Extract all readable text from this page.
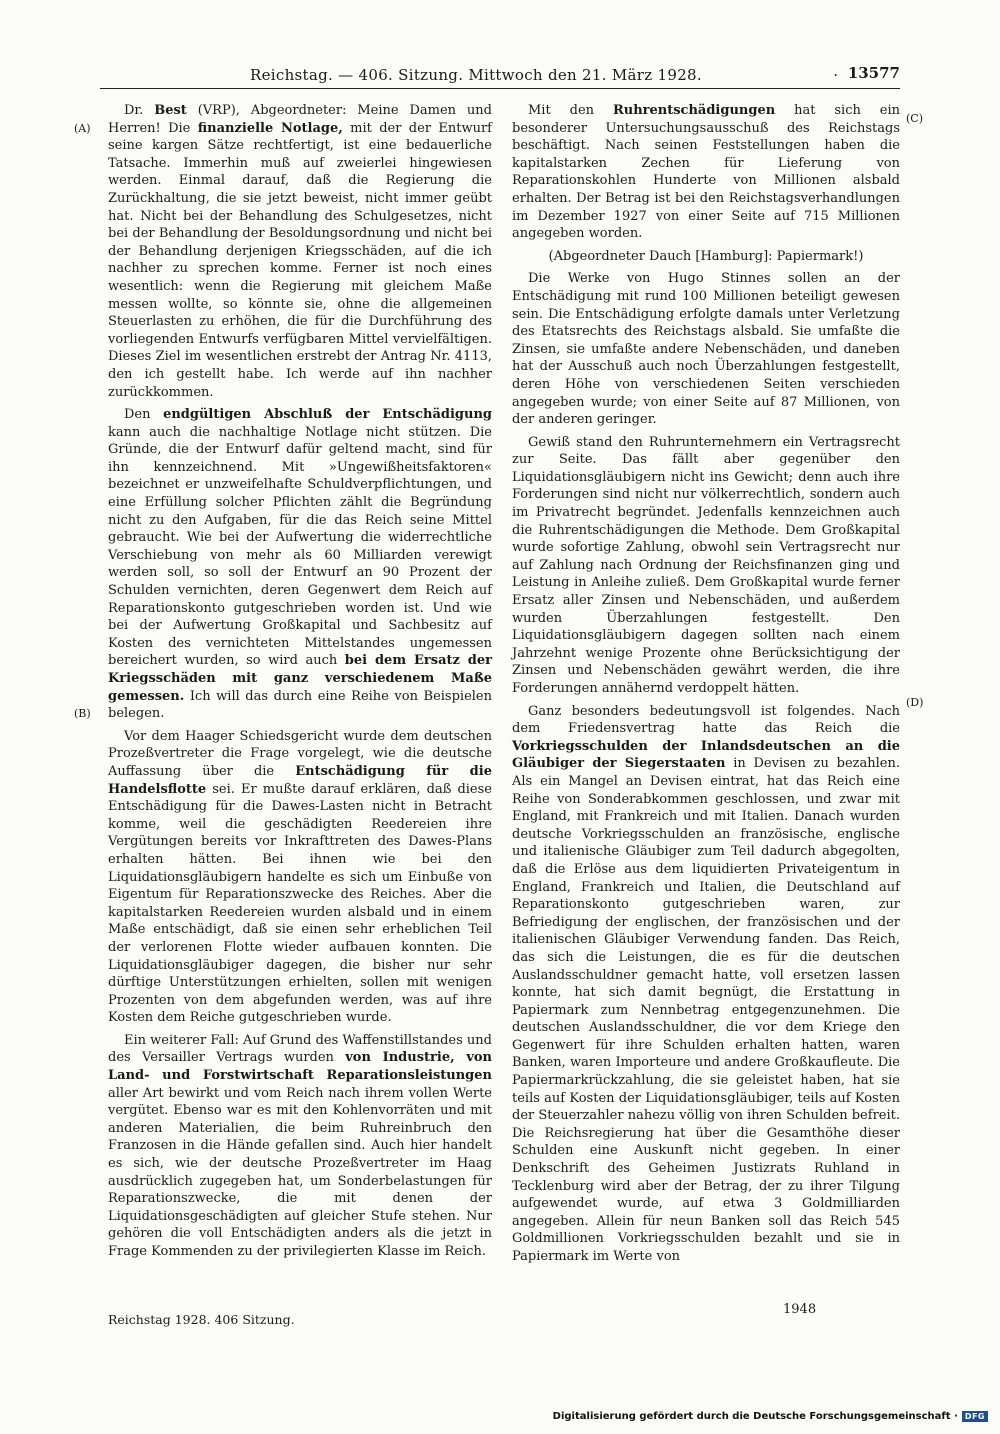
Reichstag. — 406. Sitzung. Mittwoch den 21. März 1928.	· 13577
(A)
(B)
(C)
(D)

Dr. Best (VRP), Abgeordneter: Meine Damen und Herren! Die finanzielle Notlage, mit der der Entwurf seine kargen Sätze rechtfertigt, ist eine bedauerliche Tatsache. Immerhin muß auf zweierlei hingewiesen werden. Einmal darauf, daß die Regierung die Zurückhaltung, die sie jetzt beweist, nicht immer geübt hat. Nicht bei der Behandlung des Schulgesetzes, nicht bei der Behandlung der Besoldungsordnung und nicht bei der Behandlung derjenigen Kriegsschäden, auf die ich nachher zu sprechen komme. Ferner ist noch eines wesentlich: wenn die Regierung mit gleichem Maße messen wollte, so könnte sie, ohne die allgemeinen Steuerlasten zu erhöhen, die für die Durchführung des vorliegenden Entwurfs verfügbaren Mittel vervielfältigen. Dieses Ziel im wesentlichen erstrebt der Antrag Nr. 4113, den ich gestellt habe. Ich werde auf ihn nachher zurückkommen.

Den endgültigen Abschluß der Entschädigung kann auch die nachhaltige Notlage nicht stützen. Die Gründe, die der Entwurf dafür geltend macht, sind für ihn kennzeichnend. Mit »Ungewißheitsfaktoren« bezeichnet er unzweifelhafte Schuldverpflichtungen, und eine Erfüllung solcher Pflichten zählt die Begründung nicht zu den Aufgaben, für die das Reich seine Mittel gebraucht. Wie bei der Aufwertung die widerrechtliche Verschiebung von mehr als 60 Milliarden verewigt werden soll, so soll der Entwurf an 90 Prozent der Schulden vernichten, deren Gegenwert dem Reich auf Reparationskonto gutgeschrieben worden ist. Und wie bei der Aufwertung Großkapital und Sachbesitz auf Kosten des vernichteten Mittelstandes ungemessen bereichert wurden, so wird auch bei dem Ersatz der Kriegsschäden mit ganz verschiedenem Maße gemessen. Ich will das durch eine Reihe von Beispielen belegen.

Vor dem Haager Schiedsgericht wurde dem deutschen Prozeßvertreter die Frage vorgelegt, wie die deutsche Auffassung über die Entschädigung für die Handelsflotte sei. Er mußte darauf erklären, daß diese Entschädigung für die Dawes-Lasten nicht in Betracht komme, weil die geschädigten Reedereien ihre Vergütungen bereits vor Inkrafttreten des Dawes-Plans erhalten hätten. Bei ihnen wie bei den Liquidationsgläubigern handelte es sich um Einbuße von Eigentum für Reparationszwecke des Reiches. Aber die kapitalstarken Reedereien wurden alsbald und in einem Maße entschädigt, daß sie einen sehr erheblichen Teil der verlorenen Flotte wieder aufbauen konnten. Die Liquidationsgläubiger dagegen, die bisher nur sehr dürftige Unterstützungen erhielten, sollen mit wenigen Prozenten von dem abgefunden werden, was auf ihre Kosten dem Reiche gutgeschrieben wurde.

Ein weiterer Fall: Auf Grund des Waffenstillstandes und des Versailler Vertrags wurden von Industrie, von Land- und Forstwirtschaft Reparationsleistungen aller Art bewirkt und vom Reich nach ihrem vollen Werte vergütet. Ebenso war es mit den Kohlenvorräten und mit anderen Materialien, die beim Ruhreinbruch den Franzosen in die Hände gefallen sind. Auch hier handelt es sich, wie der deutsche Prozeßvertreter im Haag ausdrücklich zugegeben hat, um Sonderbelastungen für Reparationszwecke, die mit denen der Liquidationsgeschädigten auf gleicher Stufe stehen. Nur gehören die voll Entschädigten anders als die jetzt in Frage Kommenden zu der privilegierten Klasse im Reich.

Mit den Ruhrentschädigungen hat sich ein besonderer Untersuchungsausschuß des Reichstags beschäftigt. Nach seinen Feststellungen haben die kapitalstarken Zechen für Lieferung von Reparationskohlen Hunderte von Millionen alsbald erhalten. Der Betrag ist bei den Reichstagsverhandlungen im Dezember 1927 von einer Seite auf 715 Millionen angegeben worden.

(Abgeordneter Dauch [Hamburg]: Papiermark!)

Die Werke von Hugo Stinnes sollen an der Entschädigung mit rund 100 Millionen beteiligt gewesen sein. Die Entschädigung erfolgte damals unter Verletzung des Etatsrechts des Reichstags alsbald. Sie umfaßte die Zinsen, sie umfaßte andere Nebenschäden, und daneben hat der Ausschuß auch noch Überzahlungen festgestellt, deren Höhe von verschiedenen Seiten verschieden angegeben wurde; von einer Seite auf 87 Millionen, von der anderen geringer.

Gewiß stand den Ruhrunternehmern ein Vertragsrecht zur Seite. Das fällt aber gegenüber den Liquidationsgläubigern nicht ins Gewicht; denn auch ihre Forderungen sind nicht nur völkerrechtlich, sondern auch im Privatrecht begründet. Jedenfalls kennzeichnen auch die Ruhrentschädigungen die Methode. Dem Großkapital wurde sofortige Zahlung, obwohl sein Vertragsrecht nur auf Zahlung nach Ordnung der Reichsfinanzen ging und Leistung in Anleihe zuließ. Dem Großkapital wurde ferner Ersatz aller Zinsen und Nebenschäden, und außerdem wurden Überzahlungen festgestellt. Den Liquidationsgläubigern dagegen sollten nach einem Jahrzehnt wenige Prozente ohne Berücksichtigung der Zinsen und Nebenschäden gewährt werden, die ihre Forderungen annähernd verdoppelt hätten.

Ganz besonders bedeutungsvoll ist folgendes. Nach dem Friedensvertrag hatte das Reich die Vorkriegsschulden der Inlandsdeutschen an die Gläubiger der Siegerstaaten in Devisen zu bezahlen. Als ein Mangel an Devisen eintrat, hat das Reich eine Reihe von Sonderabkommen geschlossen, und zwar mit England, mit Frankreich und mit Italien. Danach wurden deutsche Vorkriegsschulden an französische, englische und italienische Gläubiger zum Teil dadurch abgegolten, daß die Erlöse aus dem liquidierten Privateigentum in England, Frankreich und Italien, die Deutschland auf Reparationskonto gutgeschrieben waren, zur Befriedigung der englischen, der französischen und der italienischen Gläubiger Verwendung fanden. Das Reich, das sich die Leistungen, die es für die deutschen Auslandsschuldner gemacht hatte, voll ersetzen lassen konnte, hat sich damit begnügt, die Erstattung in Papiermark zum Nennbetrag entgegenzunehmen. Die deutschen Auslandsschuldner, die vor dem Kriege den Gegenwert für ihre Schulden erhalten hatten, waren Banken, waren Importeure und andere Großkaufleute. Die Papiermarkrückzahlung, die sie geleistet haben, hat sie teils auf Kosten der Liquidationsgläubiger, teils auf Kosten der Steuerzahler nahezu völlig von ihren Schulden befreit. Die Reichsregierung hat über die Gesamthöhe dieser Schulden eine Auskunft nicht gegeben. In einer Denkschrift des Geheimen Justizrats Ruhland in Tecklenburg wird aber der Betrag, der zu ihrer Tilgung aufgewendet wurde, auf etwa 3 Goldmilliarden angegeben. Allein für neun Banken soll das Reich 545 Goldmillionen Vorkriegsschulden bezahlt und sie in Papiermark im Werte von

Reichstag 1928. 406 Sitzung.
1948
Digitalisierung gefördert durch die Deutsche Forschungsgemeinschaft · DFG
